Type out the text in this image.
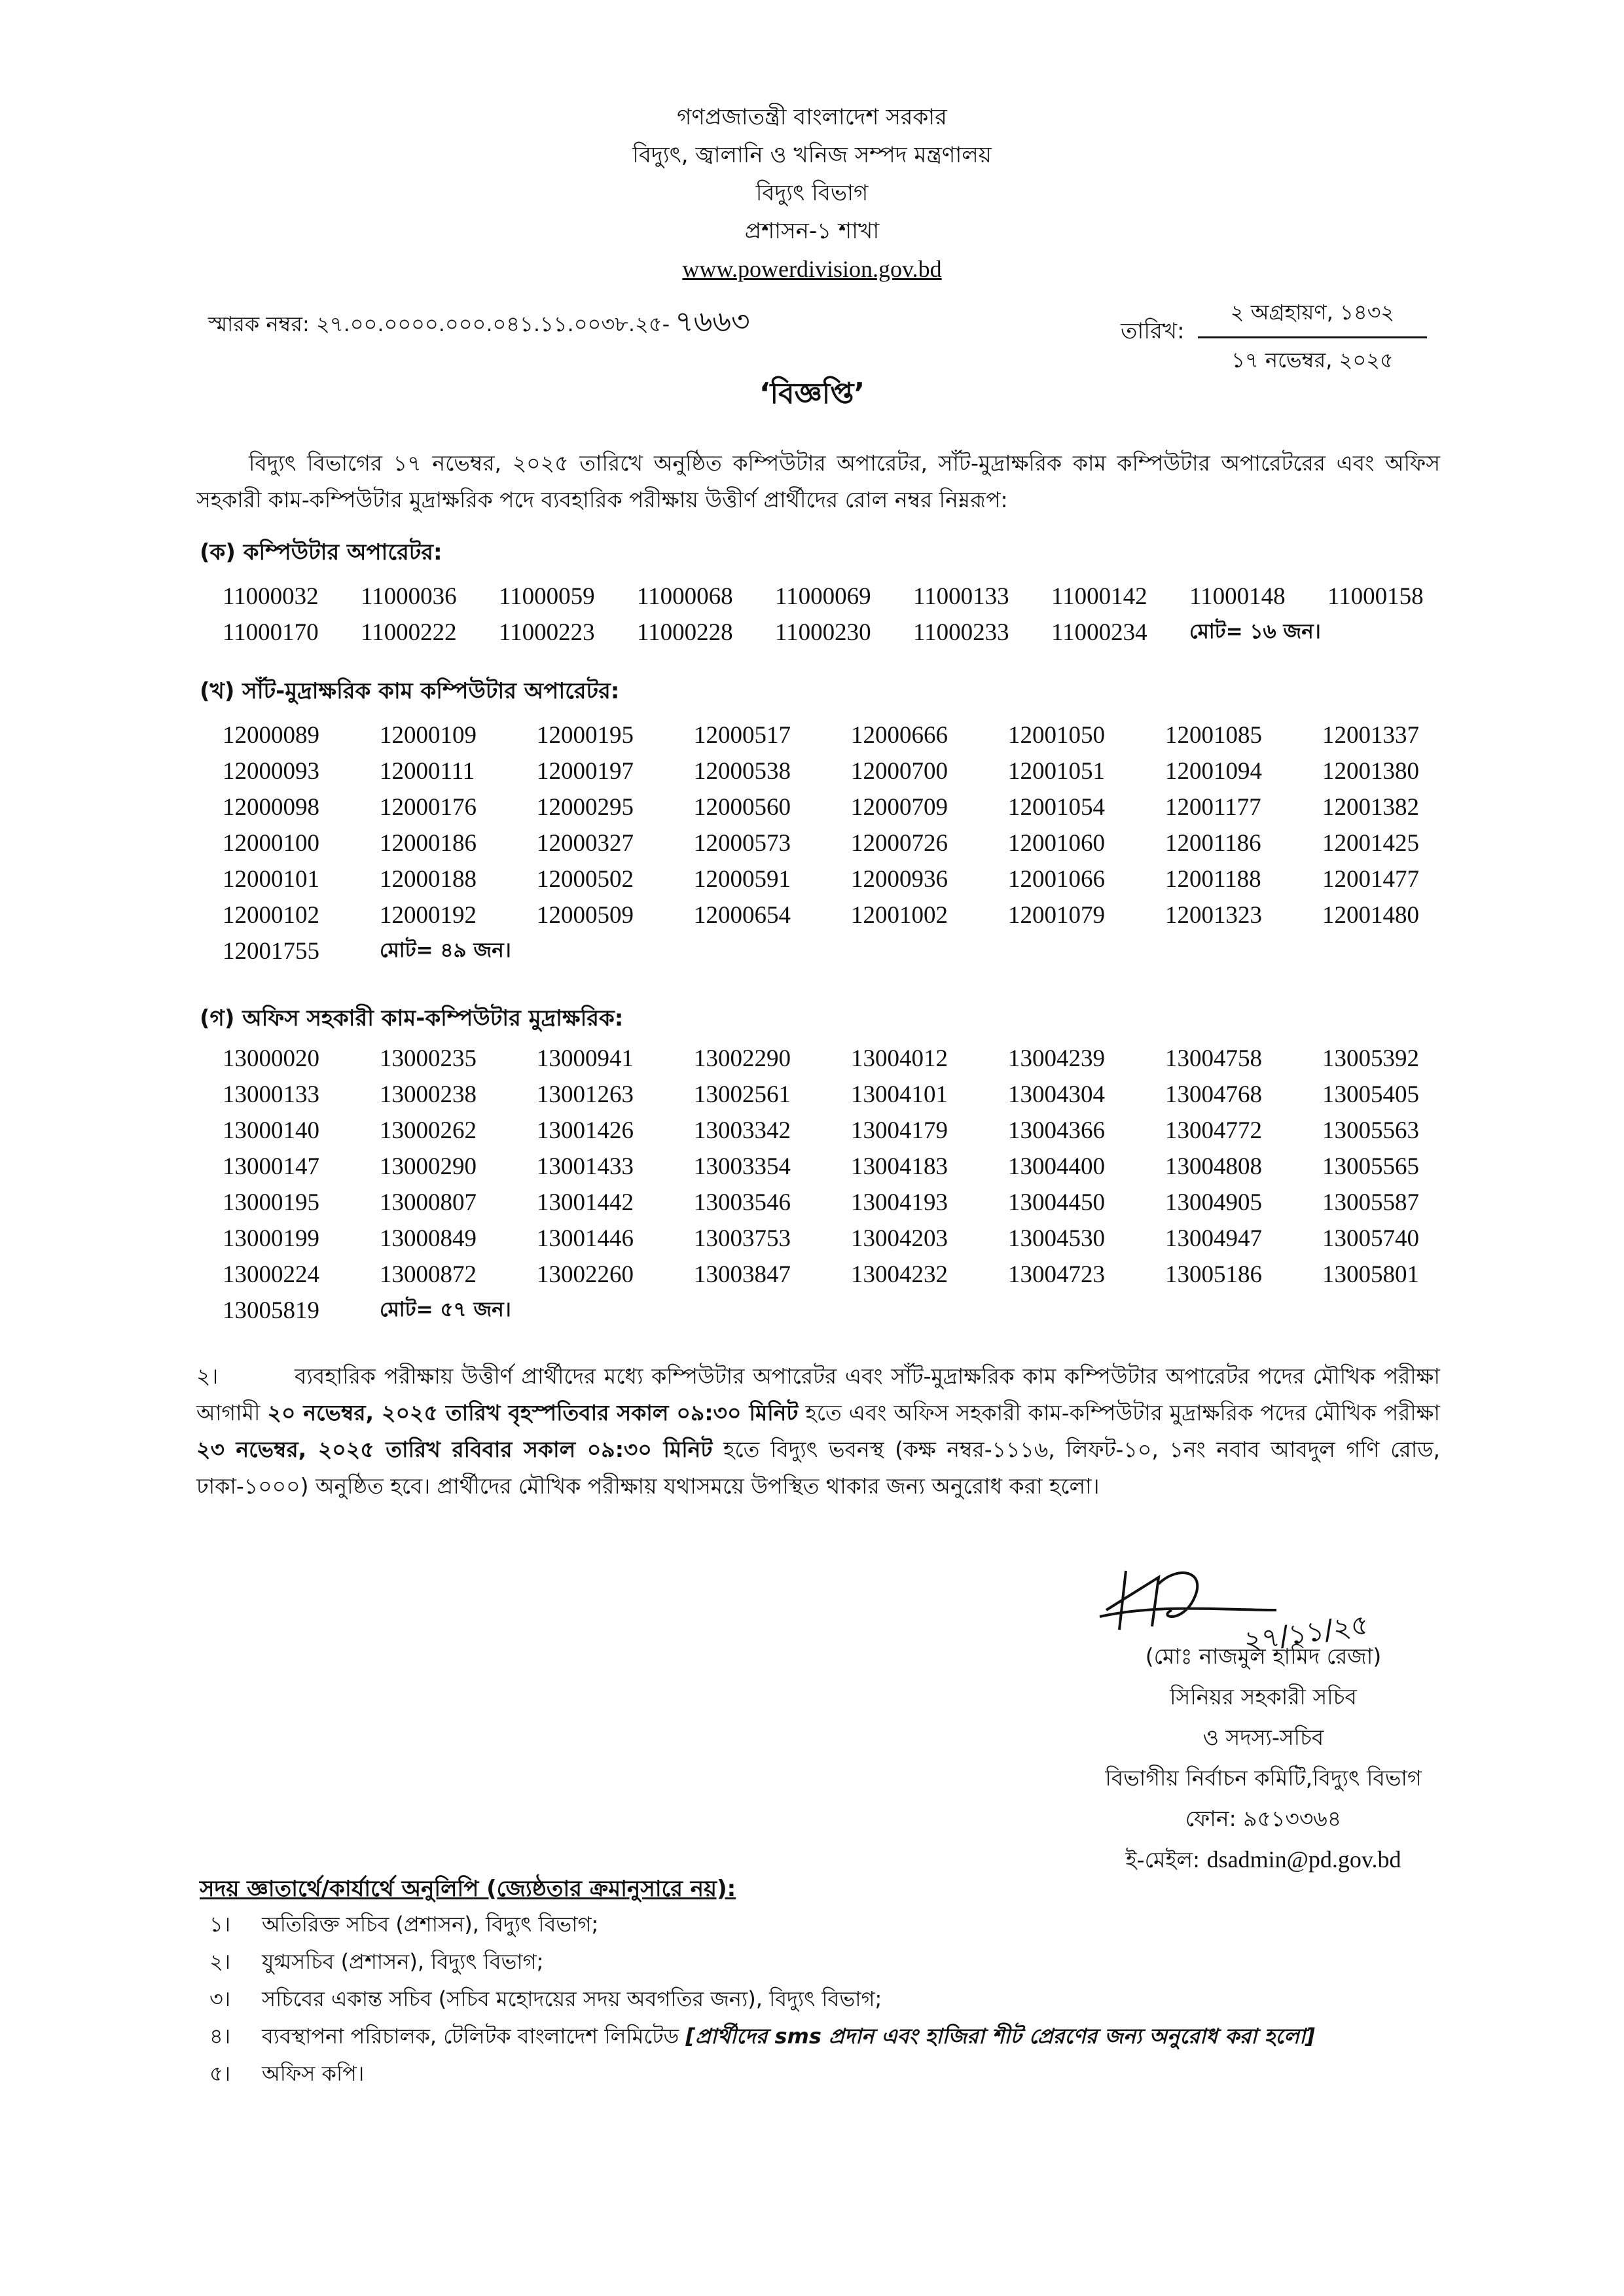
গণপ্রজাতন্ত্রী বাংলাদেশ সরকার
বিদ্যুৎ, জ্বালানি ও খনিজ সম্পদ মন্ত্রণালয়
বিদ্যুৎ বিভাগ
প্রশাসন-১ শাখা
www.powerdivision.gov.bd
স্মারক নম্বর: ২৭.০০.০০০০.০০০.০৪১.১১.০০৩৮.২৫- ৭৬৬৩	তারিখ:
২ অগ্রহায়ণ, ১৪৩২
১৭ নভেম্বর, ২০২৫
‘বিজ্ঞপ্তি’
বিদ্যুৎ বিভাগের ১৭ নভেম্বর, ২০২৫ তারিখে অনুষ্ঠিত কম্পিউটার অপারেটর, সাঁট-মুদ্রাক্ষরিক কাম কম্পিউটার অপারেটরের এবং অফিস সহকারী কাম-কম্পিউটার মুদ্রাক্ষরিক পদে ব্যবহারিক পরীক্ষায় উত্তীর্ণ প্রার্থীদের রোল নম্বর নিম্নরূপ:
(ক) কম্পিউটার অপারেটর:
11000032	11000036	11000059	11000068	11000069	11000133	11000142	11000148	11000158
11000170	11000222	11000223	11000228	11000230	11000233	11000234	মোট= ১৬ জন।
(খ) সাঁট-মুদ্রাক্ষরিক কাম কম্পিউটার অপারেটর:
12000089	12000109	12000195	12000517	12000666	12001050	12001085	12001337
12000093	12000111	12000197	12000538	12000700	12001051	12001094	12001380
12000098	12000176	12000295	12000560	12000709	12001054	12001177	12001382
12000100	12000186	12000327	12000573	12000726	12001060	12001186	12001425
12000101	12000188	12000502	12000591	12000936	12001066	12001188	12001477
12000102	12000192	12000509	12000654	12001002	12001079	12001323	12001480
12001755	মোট= ৪৯ জন।
(গ) অফিস সহকারী কাম-কম্পিউটার মুদ্রাক্ষরিক:
13000020	13000235	13000941	13002290	13004012	13004239	13004758	13005392
13000133	13000238	13001263	13002561	13004101	13004304	13004768	13005405
13000140	13000262	13001426	13003342	13004179	13004366	13004772	13005563
13000147	13000290	13001433	13003354	13004183	13004400	13004808	13005565
13000195	13000807	13001442	13003546	13004193	13004450	13004905	13005587
13000199	13000849	13001446	13003753	13004203	13004530	13004947	13005740
13000224	13000872	13002260	13003847	13004232	13004723	13005186	13005801
13005819	মোট= ৫৭ জন।
২।	ব্যবহারিক পরীক্ষায় উত্তীর্ণ প্রার্থীদের মধ্যে কম্পিউটার অপারেটর এবং সাঁট-মুদ্রাক্ষরিক কাম কম্পিউটার অপারেটর পদের মৌখিক পরীক্ষা আগামী ২০ নভেম্বর, ২০২৫ তারিখ বৃহস্পতিবার সকাল ০৯:৩০ মিনিট হতে এবং অফিস সহকারী কাম-কম্পিউটার মুদ্রাক্ষরিক পদের মৌখিক পরীক্ষা ২৩ নভেম্বর, ২০২৫ তারিখ রবিবার সকাল ০৯:৩০ মিনিট হতে বিদ্যুৎ ভবনস্থ (কক্ষ নম্বর-১১১৬, লিফট-১০, ১নং নবাব আবদুল গণি রোড, ঢাকা-১০০০) অনুষ্ঠিত হবে। প্রার্থীদের মৌখিক পরীক্ষায় যথাসময়ে উপস্থিত থাকার জন্য অনুরোধ করা হলো।
২৭/১১/২৫
(মোঃ নাজমুল হামিদ রেজা)
সিনিয়র সহকারী সচিব
ও সদস্য-সচিব
বিভাগীয় নির্বাচন কমিটি,বিদ্যুৎ বিভাগ
ফোন: ৯৫১৩৩৬৪
ই-মেইল: dsadmin@pd.gov.bd
সদয় জ্ঞাতার্থে/কার্যার্থে অনুলিপি (জ্যেষ্ঠতার ক্রমানুসারে নয়):
১। অতিরিক্ত সচিব (প্রশাসন), বিদ্যুৎ বিভাগ;
২। যুগ্মসচিব (প্রশাসন), বিদ্যুৎ বিভাগ;
৩। সচিবের একান্ত সচিব (সচিব মহোদয়ের সদয় অবগতির জন্য), বিদ্যুৎ বিভাগ;
৪। ব্যবস্থাপনা পরিচালক, টেলিটক বাংলাদেশ লিমিটেড [প্রার্থীদের sms প্রদান এবং হাজিরা শীট প্রেরণের জন্য অনুরোধ করা হলো]
৫। অফিস কপি।
